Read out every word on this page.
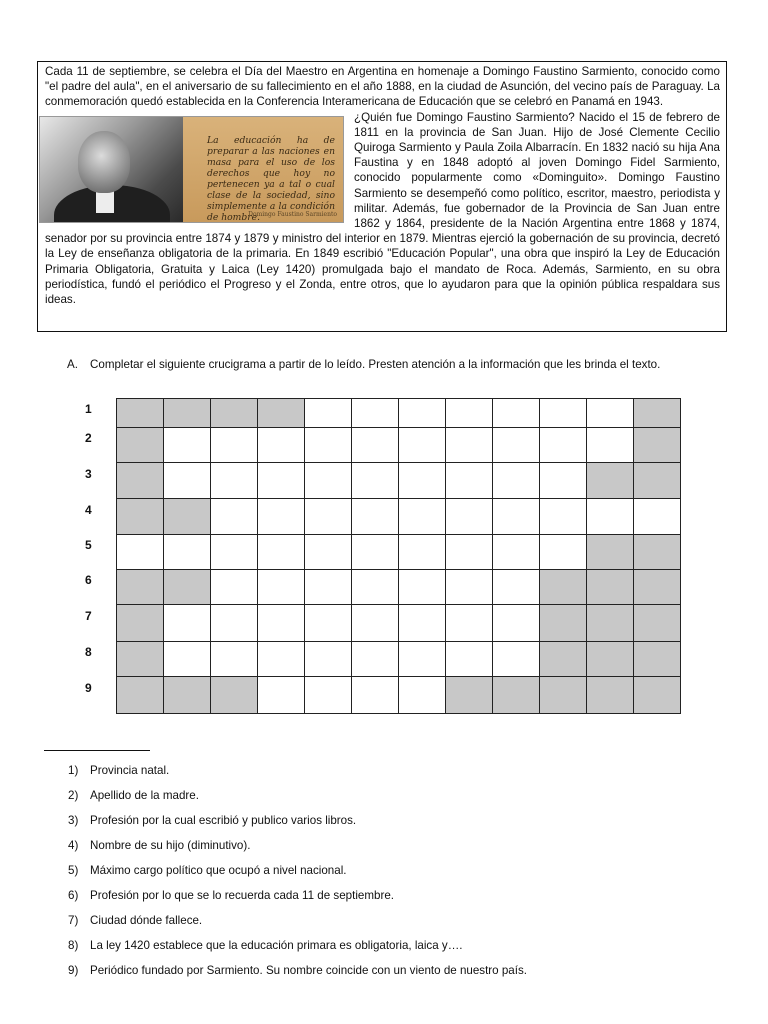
Cada 11 de septiembre, se celebra el Día del Maestro en Argentina en homenaje a Domingo Faustino Sarmiento, conocido como "el padre del aula", en el aniversario de su fallecimiento en el año 1888, en la ciudad de Asunción, del vecino país de Paraguay. La conmemoración quedó establecida en la Conferencia Interamericana de Educación que se celebró en Panamá en 1943.

La educación ha de preparar a las naciones en masa para el uso de los derechos que hoy no pertenecen ya a tal o cual clase de la sociedad, sino simplemente a la condición de hombre.
Domingo Faustino Sarmiento
¿Quién fue Domingo Faustino Sarmiento? Nacido el 15 de febrero de 1811 en la provincia de San Juan. Hijo de José Clemente Cecilio Quiroga Sarmiento y Paula Zoila Albarracín. En 1832 nació su hija Ana Faustina y en 1848 adoptó al joven Domingo Fidel Sarmiento, conocido popularmente como «Dominguito». Domingo Faustino Sarmiento se desempeñó como político, escritor, maestro, periodista y militar. Además, fue gobernador de la Provincia de San Juan entre 1862 y 1864, presidente de la Nación Argentina entre 1868 y 1874, senador por su provincia entre 1874 y 1879 y ministro del interior en 1879. Mientras ejerció la gobernación de su provincia, decretó la Ley de enseñanza obligatoria de la primaria. En 1849 escribió "Educación Popular", una obra que inspiró la Ley de Educación Primaria Obligatoria, Gratuita y Laica (Ley 1420) promulgada bajo el mandato de Roca. Además, Sarmiento, en su obra periodística, fundó el periódico el Progreso y el Zonda, entre otros, que lo ayudaron para que la opinión pública respaldara sus ideas.

A. Completar el siguiente crucigrama a partir de lo leído. Presten atención a la información que les brinda el texto.
1
2
3
4
5
6
7
8
9

1)	Provincia natal.
2)	Apellido de la madre.
3)	Profesión por la cual escribió y publico varios libros.
4)	Nombre de su hijo (diminutivo).
5)	Máximo cargo político que ocupó a nivel nacional.
6)	Profesión por lo que se lo recuerda cada 11 de septiembre.
7)	Ciudad dónde fallece.
8)	La ley 1420 establece que la educación primara es obligatoria, laica y….
9)	Periódico fundado por Sarmiento. Su nombre coincide con un viento de nuestro país.
